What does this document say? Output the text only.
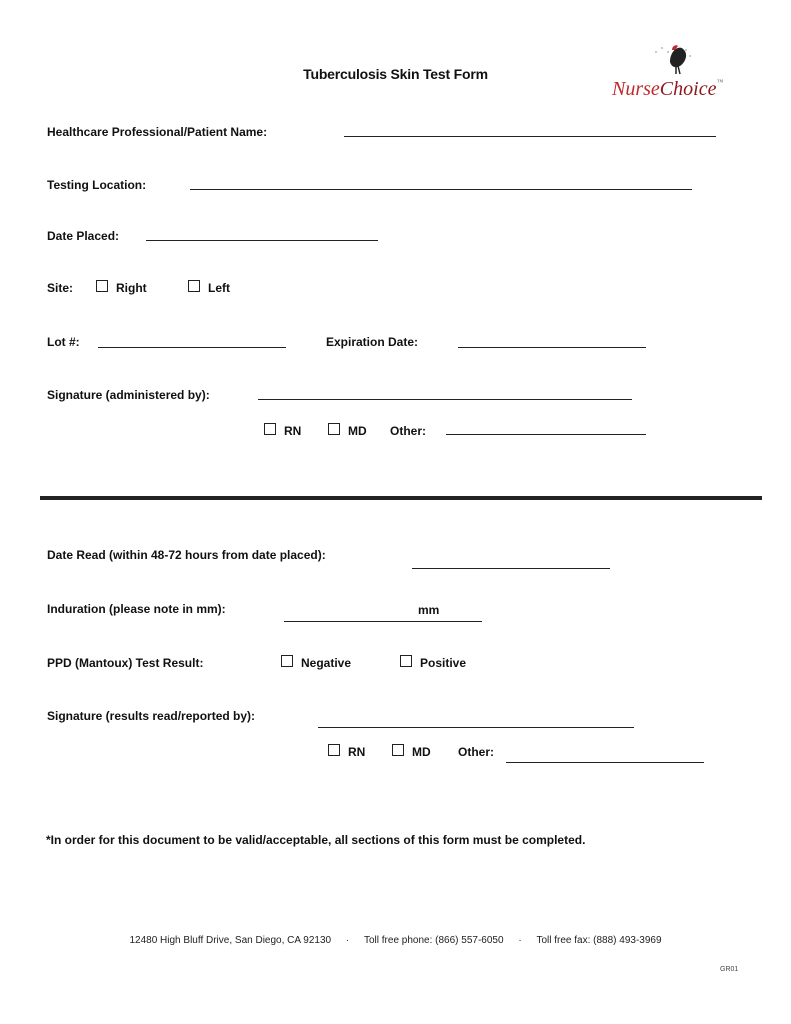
Tuberculosis Skin Test Form
NurseChoice™
Healthcare Professional/Patient Name:
Testing Location:
Date Placed:
Site:	Right	Left
Lot #:	Expiration Date:
Signature (administered by):
RN	MD Other:
Date Read (within 48-72 hours from date placed):
Induration (please note in mm):	mm
PPD (Mantoux) Test Result:	Negative	Positive
Signature (results read/reported by):
RN	MD Other:
*In order for this document to be valid/acceptable, all sections of this form must be completed.
12480 High Bluff Drive, San Diego, CA 92130 · Toll free phone: (866) 557-6050 · Toll free fax: (888) 493-3969
GR01
